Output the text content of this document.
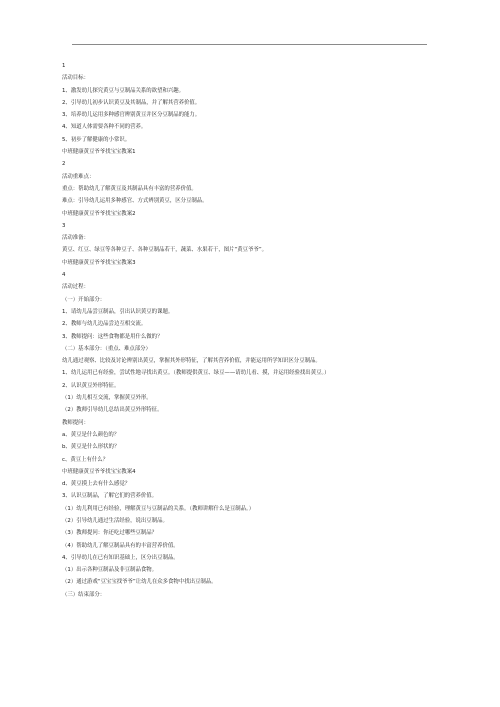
1
活动目标：
1、激发幼儿探究黄豆与豆制品关系的欲望和兴趣。
2、引导幼儿初步认识黄豆及其制品，并了解其营养价值。
3、培养幼儿运用多种感官辨别黄豆并区分豆制品的能力。
4、知道人体需要各种不同的营养。
5、初步了解健康的小常识。
中班健康黄豆爷爷找宝宝教案1
2
活动重难点：
重点：帮助幼儿了解黄豆及其制品具有丰富的营养价值。
难点：引导幼儿运用多种感官、方式辨别黄豆，区分豆制品。
中班健康黄豆爷爷找宝宝教案2
3
活动准备：
黄豆、红豆、绿豆等各种豆子、各种豆制品若干，蔬菜、水果若干，图片“黄豆爷爷”。
中班健康黄豆爷爷找宝宝教案3
4
活动过程：
（一）开始部分：
1、请幼儿品尝豆制品，引出认识黄豆的课题。
2、教师与幼儿边品尝边互相交流。
3、教师提问：这些食物都是用什么做的？
（二）基本部分：（重点、难点部分）
幼儿通过观察、比较及讨论辨别出黄豆，掌握其外形特征，了解其营养价值，并能运用所学知识区分豆制品。
1、幼儿运用已有经验，尝试性地寻找出黄豆。（教师提供黄豆、绿豆——请幼儿看、摸，并运用经验找出黄豆。）
2、认识黄豆外形特征。
（1）幼儿相互交流，掌握黄豆外形。
（2）教师引导幼儿总结出黄豆外形特征。
教师提问：
a、黄豆是什么颜色的？
b、黄豆是什么形状的？
c、黄豆上有什么？
中班健康黄豆爷爷找宝宝教案4
d、黄豆摸上去有什么感觉？
3、认识豆制品，了解它们的营养价值。
（1）幼儿利用已有经验，理解黄豆与豆制品的关系。（教师讲解什么是豆制品。）
（2）引导幼儿通过生活经验，说出豆制品。
（3）教师提问：你还吃过哪些豆制品？
（4）帮助幼儿了解豆制品具有的丰富营养价值。
4、引导幼儿在已有知识基础上，区分出豆制品。
（1）出示各种豆制品及非豆制品食物。
（2）通过游戏“豆宝宝找爷爷”让幼儿在众多食物中找出豆制品。
（三）结束部分：
